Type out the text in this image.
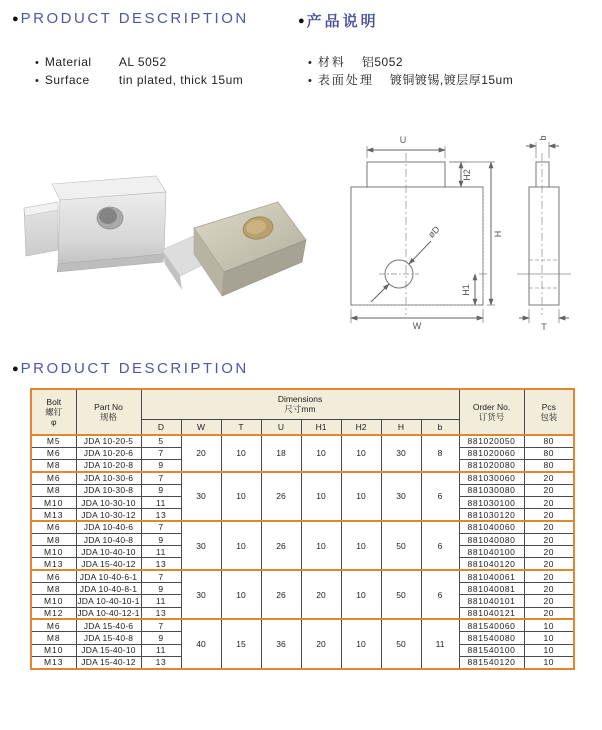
● PRODUCT DESCRIPTION	● 产品说明
• Material	AL 5052
• Surface	tin plated, thick 15um
• 材料 铝5052
• 表面处理 镀铜镀锡,镀层厚15um
U
H2
H
H1
W
øD
b
T
● PRODUCT DESCRIPTION
Bolt
螺钉
φ	Part No
规格	Dimensions
尺寸mm								Order No.
订货号	Pcs
包装
		D	W	T	U	H1	H2	H	b		
M5	JDA 10-20-5	5	20	10	18	10	10	30	8	881020050	80
M6	JDA 10-20-6	7								881020060	80
M8	JDA 10-20-8	9								881020080	80
M6	JDA 10-30-6	7	30	10	26	10	10	30	6	881030060	20
M8	JDA 10-30-8	9								881030080	20
M10	JDA 10-30-10	11								881030100	20
M13	JDA 10-30-12	13								881030120	20
M6	JDA 10-40-6	7	30	10	26	10	10	50	6	881040060	20
M8	JDA 10-40-8	9								881040080	20
M10	JDA 10-40-10	11								881040100	20
M13	JDA 15-40-12	13								881040120	20
M6	JDA 10-40-6-1	7	30	10	26	20	10	50	6	881040061	20
M8	JDA 10-40-8-1	9								881040081	20
M10	JDA 10-40-10-1	11								881040101	20
M12	JDA 10-40-12-1	13								881040121	20
M6	JDA 15-40-6	7	40	15	36	20	10	50	11	881540060	10
M8	JDA 15-40-8	9								881540080	10
M10	JDA 15-40-10	11								881540100	10
M13	JDA 15-40-12	13								881540120	10
